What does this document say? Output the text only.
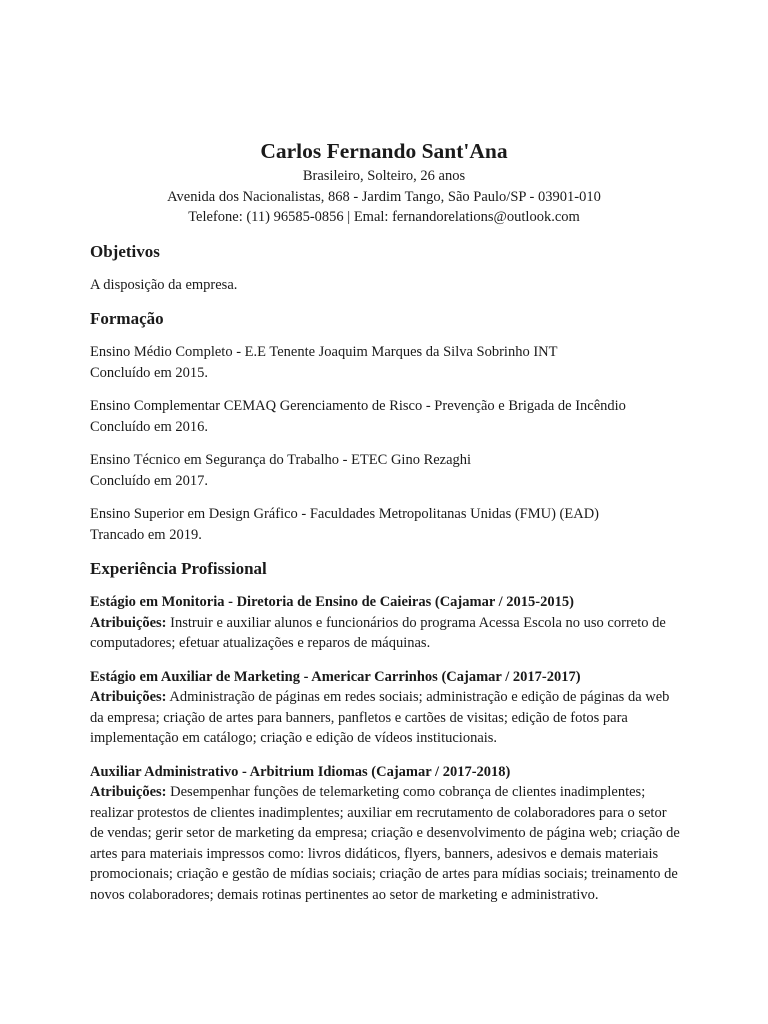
Carlos Fernando Sant'Ana
Brasileiro, Solteiro, 26 anos
Avenida dos Nacionalistas, 868 - Jardim Tango, São Paulo/SP - 03901-010
Telefone: (11) 96585-0856 | Emal: fernandorelations@outlook.com
Objetivos
A disposição da empresa.
Formação
Ensino Médio Completo - E.E Tenente Joaquim Marques da Silva Sobrinho INT
Concluído em 2015.
Ensino Complementar CEMAQ Gerenciamento de Risco - Prevenção e Brigada de Incêndio
Concluído em 2016.
Ensino Técnico em Segurança do Trabalho - ETEC Gino Rezaghi
Concluído em 2017.
Ensino Superior em Design Gráfico - Faculdades Metropolitanas Unidas (FMU) (EAD)
Trancado em 2019.
Experiência Profissional
Estágio em Monitoria - Diretoria de Ensino de Caieiras (Cajamar / 2015-2015)
Atribuições: Instruir e auxiliar alunos e funcionários do programa Acessa Escola no uso correto de computadores; efetuar atualizações e reparos de máquinas.
Estágio em Auxiliar de Marketing - Americar Carrinhos (Cajamar / 2017-2017)
Atribuições: Administração de páginas em redes sociais; administração e edição de páginas da web da empresa; criação de artes para banners, panfletos e cartões de visitas; edição de fotos para implementação em catálogo; criação e edição de vídeos institucionais.
Auxiliar Administrativo - Arbitrium Idiomas (Cajamar / 2017-2018)
Atribuições: Desempenhar funções de telemarketing como cobrança de clientes inadimplentes; realizar protestos de clientes inadimplentes; auxiliar em recrutamento de colaboradores para o setor de vendas; gerir setor de marketing da empresa; criação e desenvolvimento de página web; criação de artes para materiais impressos como: livros didáticos, flyers, banners, adesivos e demais materiais promocionais; criação e gestão de mídias sociais; criação de artes para mídias sociais; treinamento de novos colaboradores; demais rotinas pertinentes ao setor de marketing e administrativo.
